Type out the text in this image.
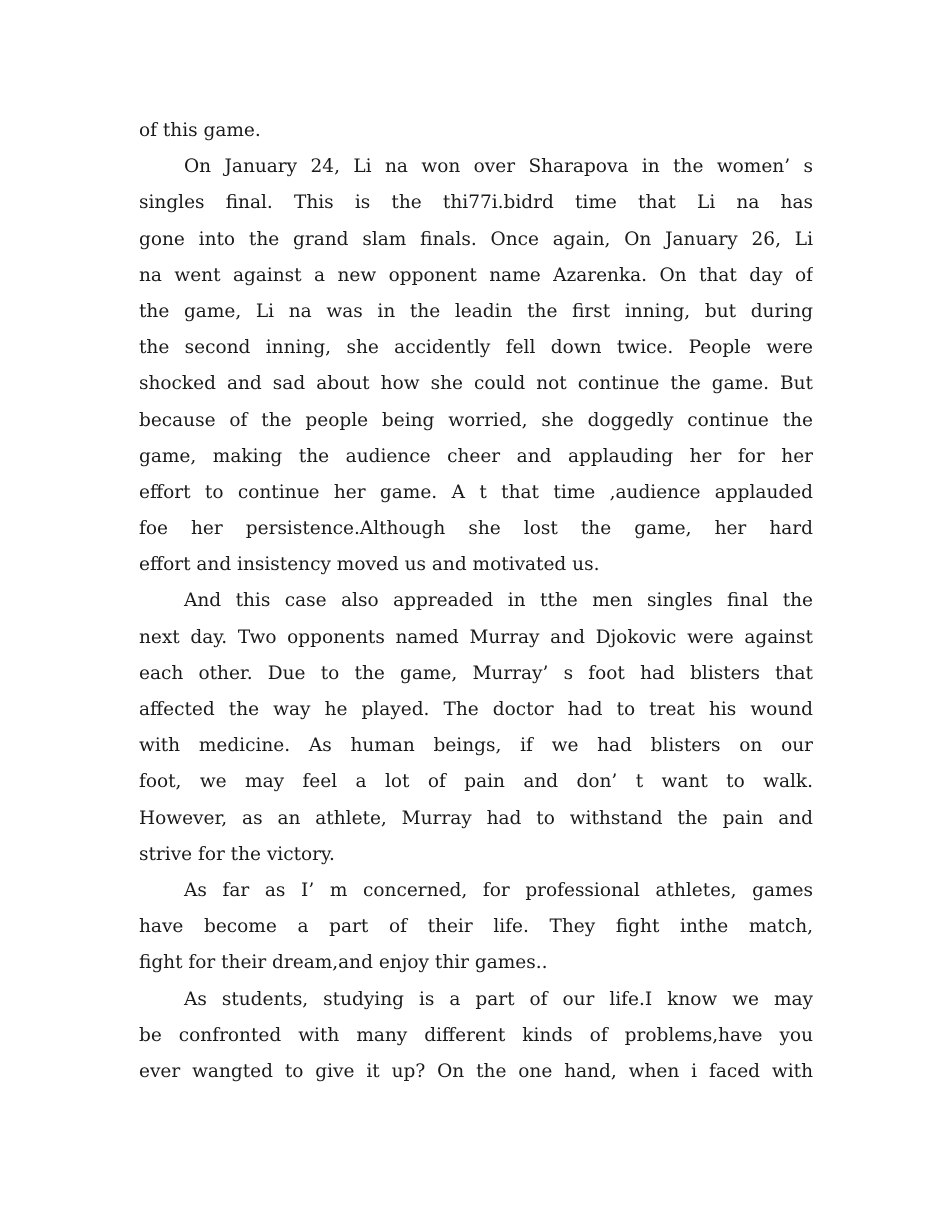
of this game.
On January 24, Li na won over Sharapova in the women’ s
singles final. This is the thi77i.bidrd time that Li na has
gone into the grand slam finals. Once again, On January 26, Li
na went against a new opponent name Azarenka. On that day of
the game, Li na was in the leadin the first inning, but during
the second inning, she accidently fell down twice. People were
shocked and sad about how she could not continue the game. But
because of the people being worried, she doggedly continue the
game, making the audience cheer and applauding her for her
effort to continue her game. A t that time ,audience applauded
foe her persistence.Although she lost the game, her hard
effort and insistency moved us and motivated us.
And this case also appreaded in tthe men singles final the
next day. Two opponents named Murray and Djokovic were against
each other. Due to the game, Murray’ s foot had blisters that
affected the way he played. The doctor had to treat his wound
with medicine. As human beings, if we had blisters on our
foot, we may feel a lot of pain and don’ t want to walk.
However, as an athlete, Murray had to withstand the pain and
strive for the victory.
As far as I’ m concerned, for professional athletes, games
have become a part of their life. They fight inthe match,
fight for their dream,and enjoy thir games..
As students, studying is a part of our life.I know we may
be confronted with many different kinds of problems,have you
ever wangted to give it up? On the one hand, when i faced with
